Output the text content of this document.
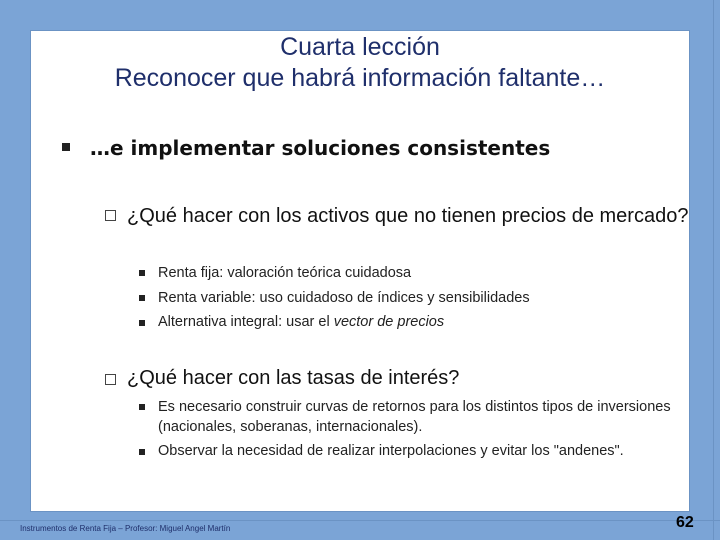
Cuarta lección
Reconocer que habrá información faltante…
…e implementar soluciones consistentes
¿Qué hacer con los activos que no tienen precios de mercado?
Renta fija: valoración teórica cuidadosa
Renta variable: uso cuidadoso de índices y sensibilidades
Alternativa integral: usar el vector de precios
¿Qué hacer con las tasas de interés?
Es necesario construir curvas de retornos para los distintos tipos de inversiones (nacionales, soberanas, internacionales).
Observar la necesidad de realizar interpolaciones y evitar los "andenes".
Instrumentos de Renta Fija – Profesor: Miguel Angel Martín	62
